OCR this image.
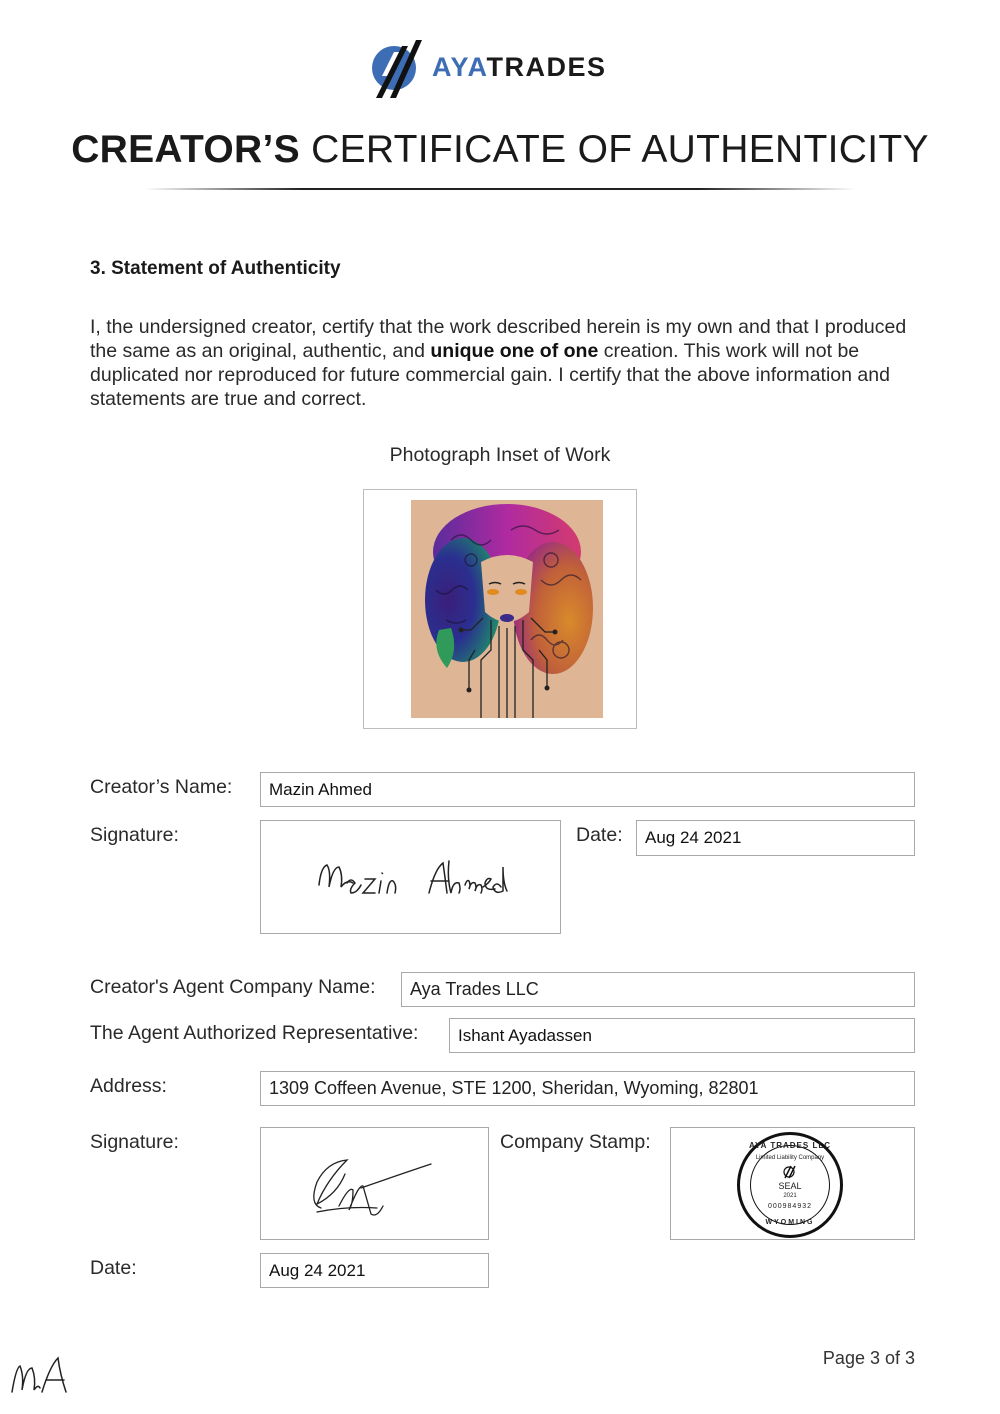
AYATRADES
CREATOR’S CERTIFICATE OF AUTHENTICITY
3. Statement of Authenticity
I, the undersigned creator, certify that the work described herein is my own and that I produced the same as an original, authentic, and unique one of one creation. This work will not be duplicated nor reproduced for future commercial gain. I certify that the above information and statements are true and correct.
Photograph Inset of Work
Creator’s Name:	Mazin Ahmed
Signature:	Date:	Aug 24 2021
Creator's Agent Company Name:	Aya Trades LLC
The Agent Authorized Representative:	Ishant Ayadassen
Address:	1309 Coffeen Avenue, STE 1200, Sheridan, Wyoming, 82801
Signature:	Company Stamp:	AYA TRADES LLC
Limited Liability Company
SEAL
2021
000984932
WYOMING
Date:	Aug 24 2021
Page 3 of 3
